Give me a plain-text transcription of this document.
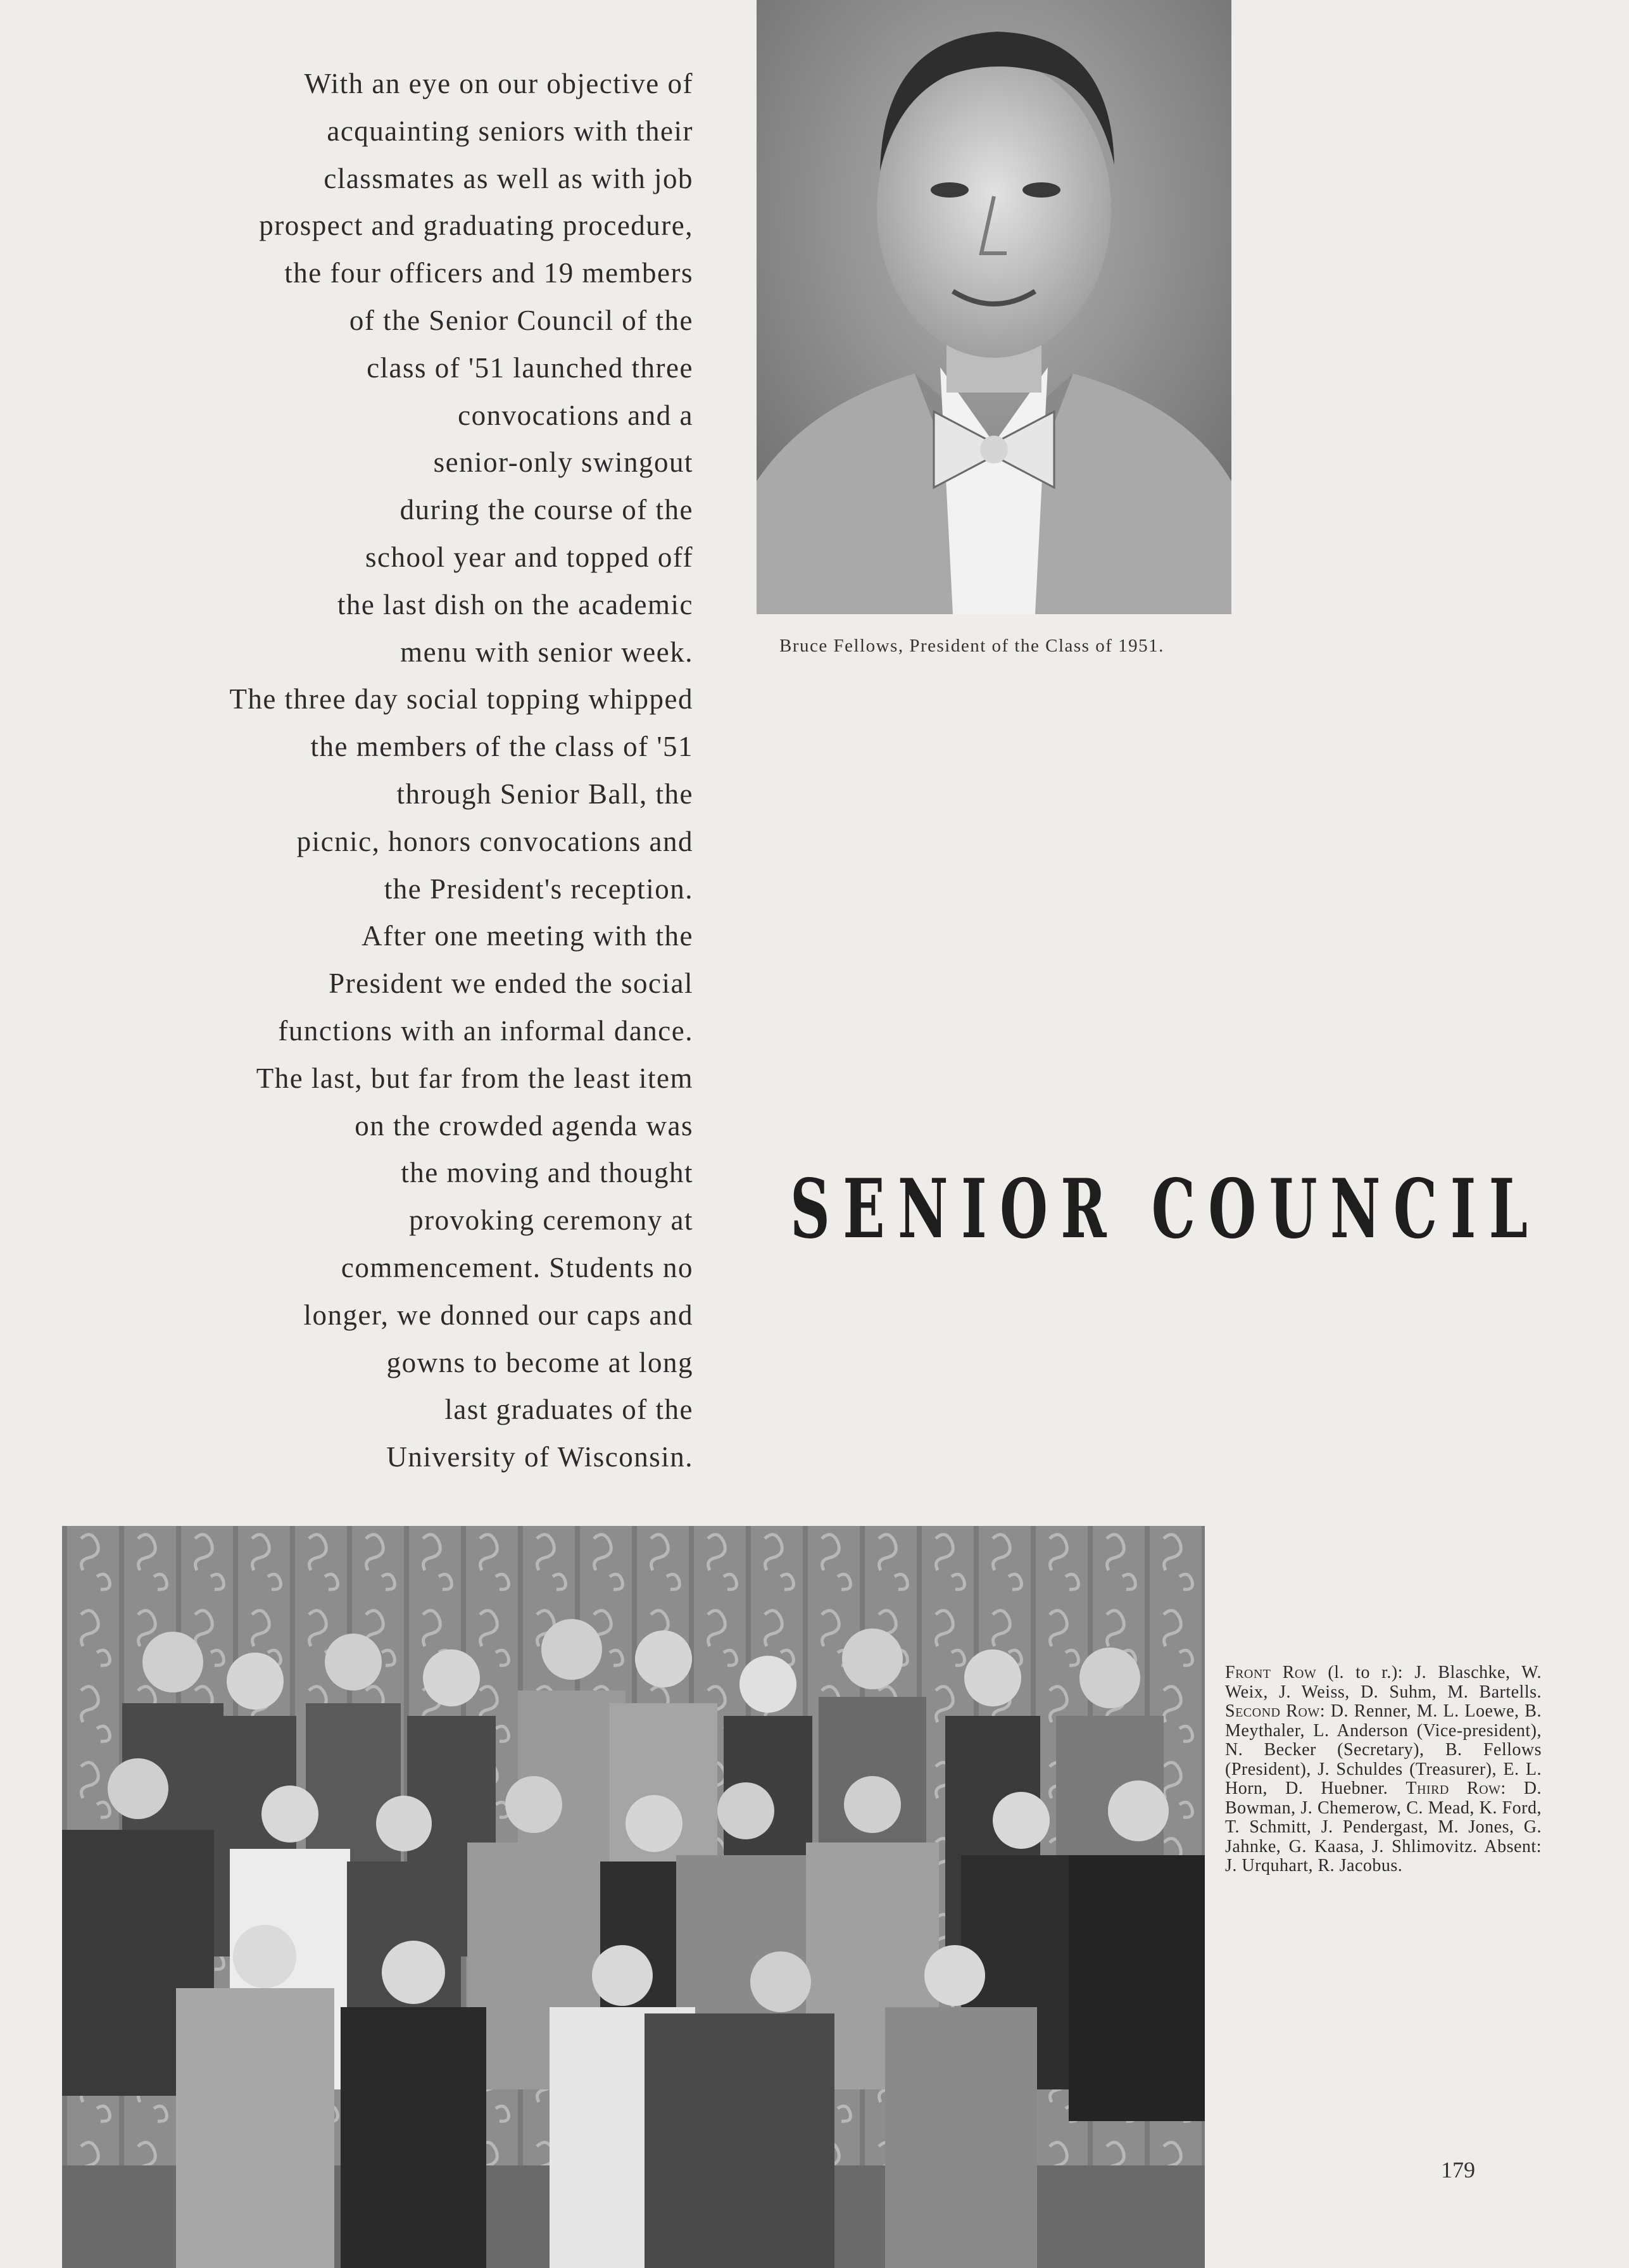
With an eye on our objective of
acquainting seniors with their
classmates as well as with job
prospect and graduating procedure,
the four officers and 19 members
of the Senior Council of the
class of '51 launched three
convocations and a
senior-only swingout
during the course of the
school year and topped off
the last dish on the academic
menu with senior week.
The three day social topping whipped
the members of the class of '51
through Senior Ball, the
picnic, honors convocations and
the President's reception.
After one meeting with the
President we ended the social
functions with an informal dance.
The last, but far from the least item
on the crowded agenda was
the moving and thought
provoking ceremony at
commencement. Students no
longer, we donned our caps and
gowns to become at long
last graduates of the
University of Wisconsin.
Bruce Fellows, President of the Class of 1951.
SENIOR COUNCIL
Front Row (l. to r.): J. Blaschke, W. Weix, J. Weiss, D. Suhm, M. Bartells. Second Row: D. Renner, M. L. Loewe, B. Meythaler, L. Anderson (Vice-president), N. Becker (Secretary), B. Fellows (President), J. Schuldes (Treasurer), E. L. Horn, D. Huebner. Third Row: D. Bowman, J. Chemerow, C. Mead, K. Ford, T. Schmitt, J. Pendergast, M. Jones, G. Jahnke, G. Kaasa, J. Shlimovitz. Absent: J. Urquhart, R. Jacobus.
179
